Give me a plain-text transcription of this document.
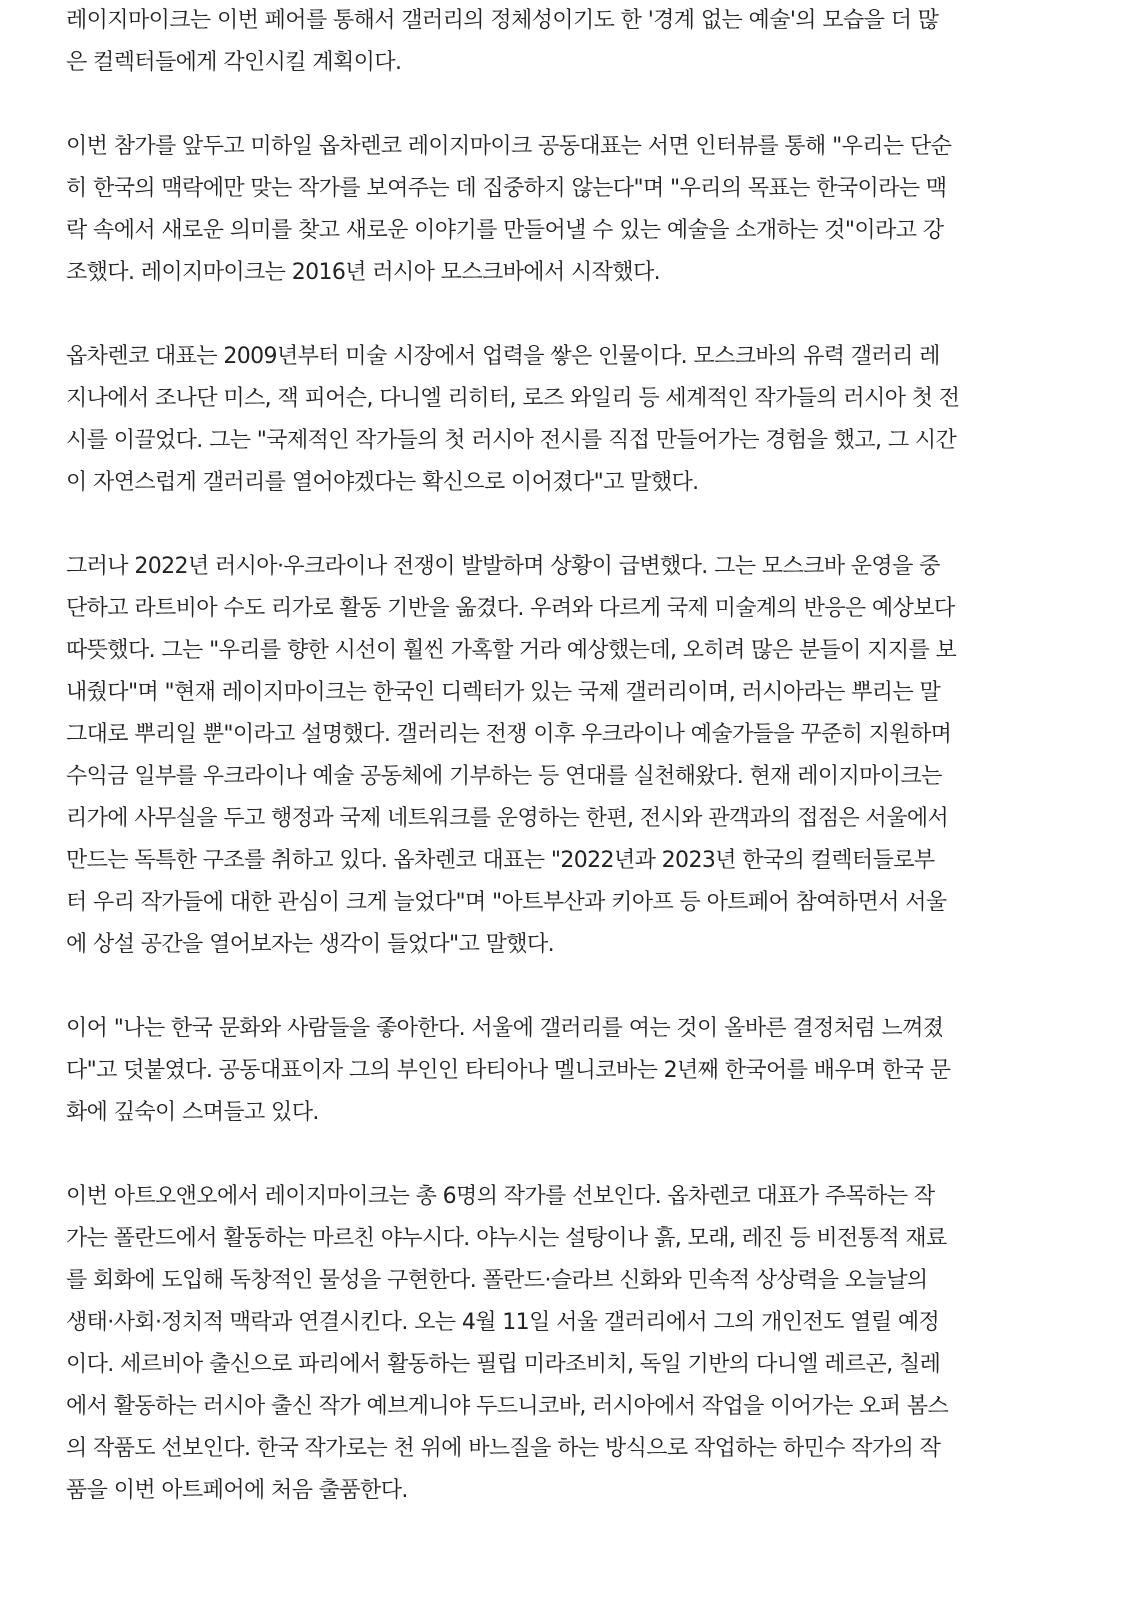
레이지마이크는 이번 페어를 통해서 갤러리의 정체성이기도 한 '경계 없는 예술'의 모습을 더 많
은 컬렉터들에게 각인시킬 계획이다.

이번 참가를 앞두고 미하일 옵차렌코 레이지마이크 공동대표는 서면 인터뷰를 통해 "우리는 단순
히 한국의 맥락에만 맞는 작가를 보여주는 데 집중하지 않는다"며 "우리의 목표는 한국이라는 맥
락 속에서 새로운 의미를 찾고 새로운 이야기를 만들어낼 수 있는 예술을 소개하는 것"이라고 강
조했다. 레이지마이크는 2016년 러시아 모스크바에서 시작했다.

옵차렌코 대표는 2009년부터 미술 시장에서 업력을 쌓은 인물이다. 모스크바의 유력 갤러리 레
지나에서 조나단 미스, 잭 피어슨, 다니엘 리히터, 로즈 와일리 등 세계적인 작가들의 러시아 첫 전
시를 이끌었다. 그는 "국제적인 작가들의 첫 러시아 전시를 직접 만들어가는 경험을 했고, 그 시간
이 자연스럽게 갤러리를 열어야겠다는 확신으로 이어졌다"고 말했다.

그러나 2022년 러시아·우크라이나 전쟁이 발발하며 상황이 급변했다. 그는 모스크바 운영을 중
단하고 라트비아 수도 리가로 활동 기반을 옮겼다. 우려와 다르게 국제 미술계의 반응은 예상보다
따뜻했다. 그는 "우리를 향한 시선이 훨씬 가혹할 거라 예상했는데, 오히려 많은 분들이 지지를 보
내줬다"며 "현재 레이지마이크는 한국인 디렉터가 있는 국제 갤러리이며, 러시아라는 뿌리는 말
그대로 뿌리일 뿐"이라고 설명했다. 갤러리는 전쟁 이후 우크라이나 예술가들을 꾸준히 지원하며
수익금 일부를 우크라이나 예술 공동체에 기부하는 등 연대를 실천해왔다. 현재 레이지마이크는
리가에 사무실을 두고 행정과 국제 네트워크를 운영하는 한편, 전시와 관객과의 접점은 서울에서
만드는 독특한 구조를 취하고 있다. 옵차렌코 대표는 "2022년과 2023년 한국의 컬렉터들로부
터 우리 작가들에 대한 관심이 크게 늘었다"며 "아트부산과 키아프 등 아트페어 참여하면서 서울
에 상설 공간을 열어보자는 생각이 들었다"고 말했다.

이어 "나는 한국 문화와 사람들을 좋아한다. 서울에 갤러리를 여는 것이 올바른 결정처럼 느껴졌
다"고 덧붙였다. 공동대표이자 그의 부인인 타티아나 멜니코바는 2년째 한국어를 배우며 한국 문
화에 깊숙이 스며들고 있다.

이번 아트오앤오에서 레이지마이크는 총 6명의 작가를 선보인다. 옵차렌코 대표가 주목하는 작
가는 폴란드에서 활동하는 마르친 야누시다. 야누시는 설탕이나 흙, 모래, 레진 등 비전통적 재료
를 회화에 도입해 독창적인 물성을 구현한다. 폴란드·슬라브 신화와 민속적 상상력을 오늘날의
생태·사회·정치적 맥락과 연결시킨다. 오는 4월 11일 서울 갤러리에서 그의 개인전도 열릴 예정
이다. 세르비아 출신으로 파리에서 활동하는 필립 미라조비치, 독일 기반의 다니엘 레르곤, 칠레
에서 활동하는 러시아 출신 작가 예브게니야 두드니코바, 러시아에서 작업을 이어가는 오퍼 봄스
의 작품도 선보인다. 한국 작가로는 천 위에 바느질을 하는 방식으로 작업하는 하민수 작가의 작
품을 이번 아트페어에 처음 출품한다.
